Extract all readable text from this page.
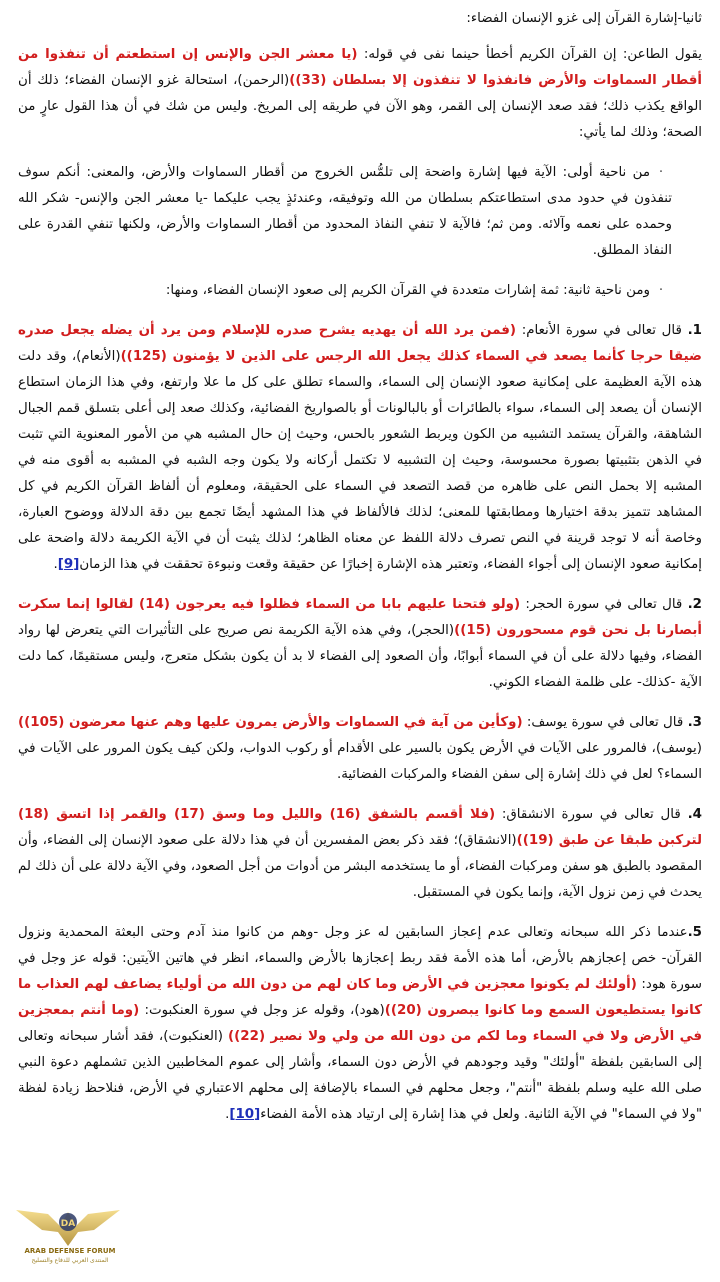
ثانيا-إشارة القرآن إلى غزو الإنسان الفضاء:

يقول الطاعن: إن القرآن الكريم أخطأ حينما نفى في قوله: (يا معشر الجن والإنس إن استطعتم أن تنفذوا من أقطار السماوات والأرض فانفذوا لا تنفذون إلا بسلطان (33))(الرحمن)، استحالة غزو الإنسان الفضاء؛ ذلك أن الواقع يكذب ذلك؛ فقد صعد الإنسان إلى القمر، وهو الآن في طريقه إلى المريخ. وليس من شك في أن هذا القول عارٍ من الصحة؛ وذلك لما يأتي:

·من ناحية أولى: الآية فيها إشارة واضحة إلى تلمُّس الخروج من أقطار السماوات والأرض، والمعنى: أنكم سوف تنفذون في حدود مدى استطاعتكم بسلطان من الله وتوفيقه، وعندئذٍ يجب عليكما -يا معشر الجن والإنس- شكر الله وحمده على نعمه وآلائه. ومن ثم؛ فالآية لا تنفي النفاذ المحدود من أقطار السماوات والأرض، ولكنها تنفي القدرة على النفاذ المطلق.

·ومن ناحية ثانية: ثمة إشارات متعددة في القرآن الكريم إلى صعود الإنسان الفضاء، ومنها:

1. قال تعالى في سورة الأنعام: (فمن يرد الله أن يهديه يشرح صدره للإسلام ومن يرد أن يضله يجعل صدره ضيقا حرجا كأنما يصعد في السماء كذلك يجعل الله الرجس على الذين لا يؤمنون (125))(الأنعام)، وقد دلت هذه الآية العظيمة على إمكانية صعود الإنسان إلى السماء، والسماء تطلق على كل ما علا وارتفع، وفي هذا الزمان استطاع الإنسان أن يصعد إلى السماء، سواء بالطائرات أو بالبالونات أو بالصواريخ الفضائية، وكذلك صعد إلى أعلى بتسلق قمم الجبال الشاهقة، والقرآن يستمد التشبيه من الكون ويربط الشعور بالحس، وحيث إن حال المشبه هي من الأمور المعنوية التي تثبت في الذهن بتثبيتها بصورة محسوسة، وحيث إن التشبيه لا تكتمل أركانه ولا يكون وجه الشبه في المشبه به أقوى منه في المشبه إلا بحمل النص على ظاهره من قصد التصعد في السماء على الحقيقة، ومعلوم أن ألفاظ القرآن الكريم في كل المشاهد تتميز بدقة اختيارها ومطابقتها للمعنى؛ لذلك فالألفاظ في هذا المشهد أيضًا تجمع بين دقة الدلالة ووضوح العبارة، وخاصة أنه لا توجد قرينة في النص تصرف دلالة اللفظ عن معناه الظاهر؛ لذلك يثبت أن في الآية الكريمة دلالة واضحة على إمكانية صعود الإنسان إلى أجواء الفضاء، وتعتبر هذه الإشارة إخبارًا عن حقيقة وقعت ونبوءة تحققت في هذا الزمان[9].

2. قال تعالى في سورة الحجر: (ولو فتحنا عليهم بابا من السماء فظلوا فيه يعرجون (14) لقالوا إنما سكرت أبصارنا بل نحن قوم مسحورون (15))(الحجر)، وفي هذه الآية الكريمة نص صريح على التأثيرات التي يتعرض لها رواد الفضاء، وفيها دلالة على أن في السماء أبوابًا، وأن الصعود إلى الفضاء لا بد أن يكون بشكل متعرج، وليس مستقيمًا، كما دلت الآية -كذلك- على ظلمة الفضاء الكوني.

3. قال تعالى في سورة يوسف: (وكأين من آية في السماوات والأرض يمرون عليها وهم عنها معرضون (105))(يوسف)، فالمرور على الآيات في الأرض يكون بالسير على الأقدام أو ركوب الدواب، ولكن كيف يكون المرور على الآيات في السماء؟ لعل في ذلك إشارة إلى سفن الفضاء والمركبات الفضائية.

4. قال تعالى في سورة الانشقاق: (فلا أقسم بالشفق (16) والليل وما وسق (17) والقمر إذا اتسق (18) لتركبن طبقا عن طبق (19))(الانشقاق)؛ فقد ذكر بعض المفسرين أن في هذا دلالة على صعود الإنسان إلى الفضاء، وأن المقصود بالطبق هو سفن ومركبات الفضاء، أو ما يستخدمه البشر من أدوات من أجل الصعود، وفي الآية دلالة على أن ذلك لم يحدث في زمن نزول الآية، وإنما يكون في المستقبل.

5.عندما ذكر الله سبحانه وتعالى عدم إعجاز السابقين له عز وجل -وهم من كانوا منذ آدم وحتى البعثة المحمدية ونزول القرآن- خص إعجازهم بالأرض، أما هذه الأمة فقد ربط إعجازها بالأرض والسماء، انظر في هاتين الآيتين: قوله عز وجل في سورة هود: (أولئك لم يكونوا معجزين في الأرض وما كان لهم من دون الله من أولياء يضاعف لهم العذاب ما كانوا يستطيعون السمع وما كانوا يبصرون (20))(هود)، وقوله عز وجل في سورة العنكبوت: (وما أنتم بمعجزين في الأرض ولا في السماء وما لكم من دون الله من ولي ولا نصير (22)) (العنكبوت)، فقد أشار سبحانه وتعالى إلى السابقين بلفظة "أولئك" وقيد وجودهم في الأرض دون السماء، وأشار إلى عموم المخاطبين الذين تشملهم دعوة النبي صلى الله عليه وسلم بلفظة "أنتم"، وجعل محلهم في السماء بالإضافة إلى محلهم الاعتباري في الأرض، فنلاحظ زيادة لفظة "ولا في السماء" في الآية الثانية. ولعل في هذا إشارة إلى ارتياد هذه الأمة الفضاء[10].

DA
ARAB DEFENSE FORUM
المنتدى العربي للدفاع والتسليح
